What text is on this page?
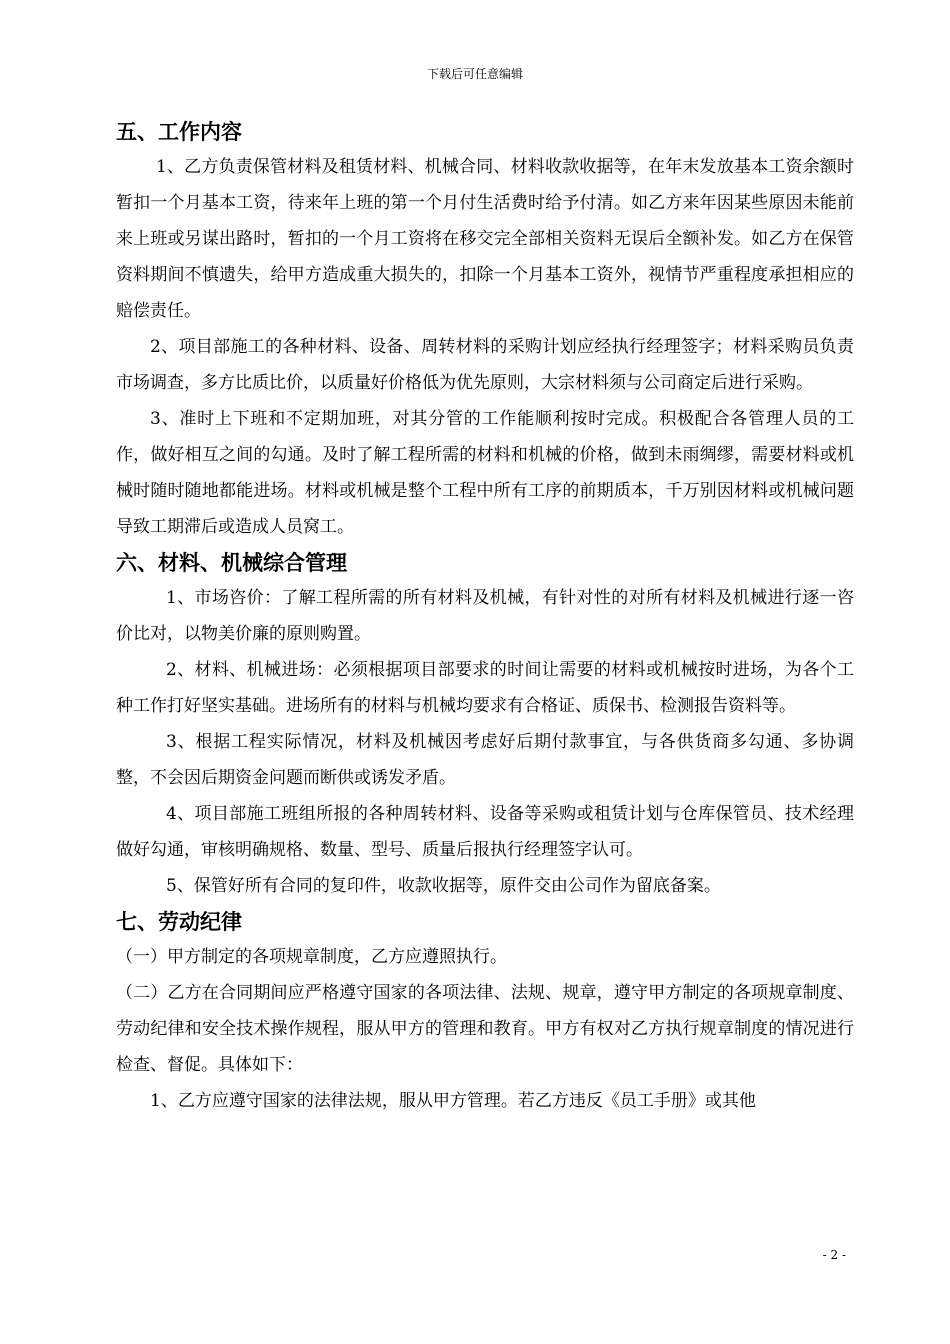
下载后可任意编辑
五、工作内容

1、乙方负责保管材料及租赁材料、机械合同、材料收款收据等，在年末发放基本工资余额时暂扣一个月基本工资，待来年上班的第一个月付生活费时给予付清。如乙方来年因某些原因未能前来上班或另谋出路时，暂扣的一个月工资将在移交完全部相关资料无误后全额补发。如乙方在保管资料期间不慎遗失，给甲方造成重大损失的，扣除一个月基本工资外，视情节严重程度承担相应的赔偿责任。

2、项目部施工的各种材料、设备、周转材料的采购计划应经执行经理签字；材料采购员负责市场调查，多方比质比价，以质量好价格低为优先原则，大宗材料须与公司商定后进行采购。

3、准时上下班和不定期加班，对其分管的工作能顺利按时完成。积极配合各管理人员的工作，做好相互之间的勾通。及时了解工程所需的材料和机械的价格，做到未雨绸缪，需要材料或机械时随时随地都能进场。材料或机械是整个工程中所有工序的前期质本，千万别因材料或机械问题导致工期滞后或造成人员窝工。

六、材料、机械综合管理

1、市场咨价：了解工程所需的所有材料及机械，有针对性的对所有材料及机械进行逐一咨价比对，以物美价廉的原则购置。

2、材料、机械进场：必须根据项目部要求的时间让需要的材料或机械按时进场，为各个工种工作打好坚实基础。进场所有的材料与机械均要求有合格证、质保书、检测报告资料等。

3、根据工程实际情况，材料及机械因考虑好后期付款事宜，与各供货商多勾通、多协调整，不会因后期资金问题而断供或诱发矛盾。

4、项目部施工班组所报的各种周转材料、设备等采购或租赁计划与仓库保管员、技术经理做好勾通，审核明确规格、数量、型号、质量后报执行经理签字认可。

5、保管好所有合同的复印件，收款收据等，原件交由公司作为留底备案。

七、劳动纪律

（一）甲方制定的各项规章制度，乙方应遵照执行。

（二）乙方在合同期间应严格遵守国家的各项法律、法规、规章，遵守甲方制定的各项规章制度、劳动纪律和安全技术操作规程，服从甲方的管理和教育。甲方有权对乙方执行规章制度的情况进行检查、督促。具体如下：

1、乙方应遵守国家的法律法规，服从甲方管理。若乙方违反《员工手册》或其他

- 2 -
